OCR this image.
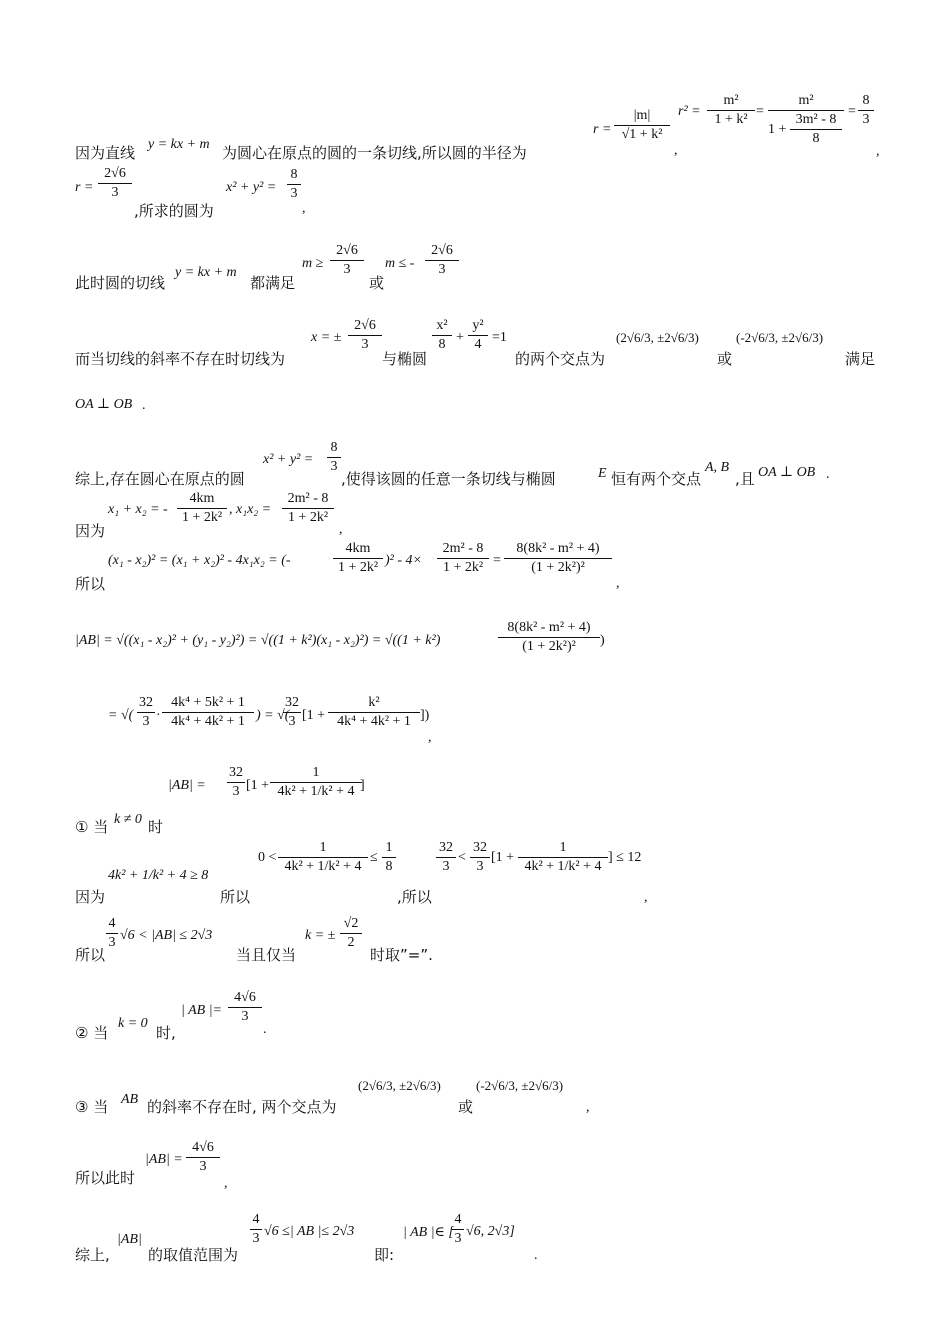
因为直线 y = kx + m 为圆心在原点的圆的一条切线,所以圆的半径为
r =
|m|
√1 + k²
,
r² =
m²
1 + k²
=
m²
1 +
3m² - 8
8
=
8
3
,
r =
2√6
3
,所求的圆为
x² + y² =
8
3
,
此时圆的切线
y = kx + m
都满足
m ≥
2√6
3
或
m ≤ -
2√6
3
而当切线的斜率不存在时切线为
x = ±
2√6
3
与椭圆
x²
8 +
y²
4 =1
的两个交点为
(2√6/3, ±2√6/3)
或
(-2√6/3, ±2√6/3)
满足
OA ⊥ OB .
综上,存在圆心在原点的圆
x² + y² =
8
3
,使得该圆的任意一条切线与椭圆	E 恒有两个交点
A, B
,且 OA ⊥ OB .
因为
x₁ + x₂ = -
4km
1 + 2k²
, x₁x₂ =
2m² - 8
1 + 2k²
,
所以
(x₁ - x₂)² = (x₁ + x₂)² - 4x₁x₂ = (-
4km
1 + 2k² )² - 4×
2m² - 8
1 + 2k² =
8(8k² - m² + 4)
(1 + 2k²)²
,
|AB| = √((x₁ - x₂)² + (y₁ - y₂)²) = √((1 + k²)(x₁ - x₂)²) = √((1 + k²)
8(8k² - m² + 4)
(1 + 2k²)²	)
= √(
32
3 ·
4k⁴ + 5k² + 1
4k⁴ + 4k² + 1 ) = √(
32
3 [1 +
k²
4k⁴ + 4k² + 1 ])
,
|AB| =
32
3 [1 +
1
4k² + 1/k² + 4 ]
① 当 k ≠ 0 时
因为
4k² + 1/k² + 4 ≥ 8
所以
0 <
1
4k² + 1/k² + 4
≤
1
8
,所以
32
3
<
32
3
[1 +
1
4k² + 1/k² + 4
] ≤ 12
,
所以
4
3 √6 < |AB| ≤ 2√3
当且仅当
k = ±
√2
2
时取”=”.
② 当
k = 0
时,
| AB |=
4√6
3
.
③ 当 AB 的斜率不存在时, 两个交点为
(2√6/3, ±2√6/3)
或
(-2√6/3, ±2√6/3)
,
所以此时
|AB| =
4√6
3
,
综上,
|AB|
的取值范围为
4
3 √6 ≤| AB |≤ 2√3
即:
| AB |∈ [
4
3 √6, 2√3]
.
